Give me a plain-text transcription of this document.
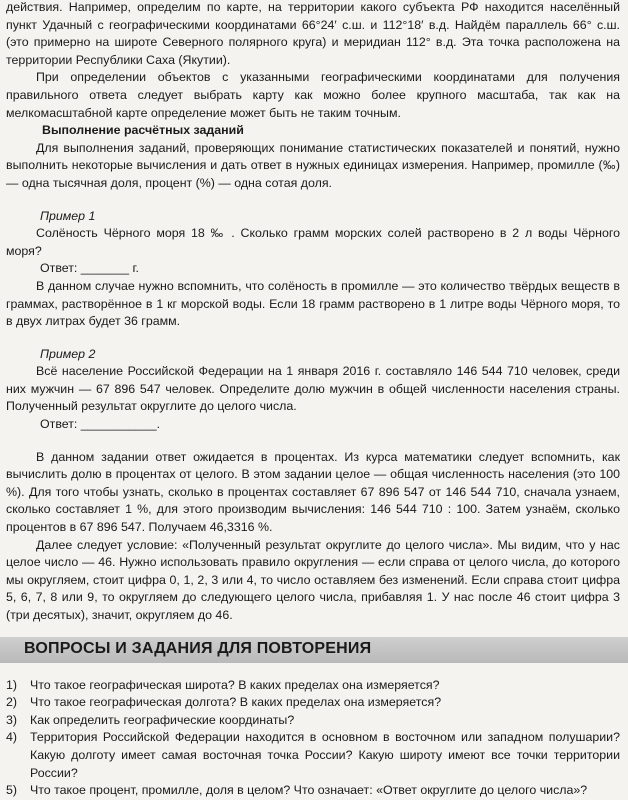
действия. Например, определим по карте, на территории какого субъекта РФ находится населённый пункт Удачный с географическими координатами 66°24′ с.ш. и 112°18′ в.д. Найдём параллель 66° с.ш. (это примерно на широте Северного полярного круга) и меридиан 112° в.д. Эта точка расположена на территории Республики Саха (Якутии).

При определении объектов с указанными географическими координатами для получения правильного ответа следует выбрать карту как можно более крупного масштаба, так как на мелкомасштабной карте определение может быть не таким точным.

Выполнение расчётных заданий

Для выполнения заданий, проверяющих понимание статистических показателей и понятий, нужно выполнить некоторые вычисления и дать ответ в нужных единицах измерения. Например, промилле (‰) — одна тысячная доля, процент (%) — одна сотая доля.

Пример 1

Солёность Чёрного моря 18 ‰ . Сколько грамм морских солей растворено в 2 л воды Чёрного моря?

Ответ: _______ г.

В данном случае нужно вспомнить, что солёность в промилле — это количество твёрдых веществ в граммах, растворённое в 1 кг морской воды. Если 18 грамм растворено в 1 литре воды Чёрного моря, то в двух литрах будет 36 грамм.

Пример 2

Всё население Российской Федерации на 1 января 2016 г. составляло 146 544 710 человек, среди них мужчин — 67 896 547 человек. Определите долю мужчин в общей численности населения страны. Полученный результат округлите до целого числа.

Ответ: ___________.

В данном задании ответ ожидается в процентах. Из курса математики следует вспомнить, как вычислить долю в процентах от целого. В этом задании целое — общая численность населения (это 100 %). Для того чтобы узнать, сколько в процентах составляет 67 896 547 от 146 544 710, сначала узнаем, сколько составляет 1 %, для этого производим вычисления: 146 544 710 : 100. Затем узнаём, сколько процентов в 67 896 547. Получаем 46,3316 %.

Далее следует условие: «Полученный результат округлите до целого числа». Мы видим, что у нас целое число — 46. Нужно использовать правило округления — если справа от целого числа, до которого мы округляем, стоит цифра 0, 1, 2, 3 или 4, то число оставляем без изменений. Если справа стоит цифра 5, 6, 7, 8 или 9, то округляем до следующего целого числа, прибавляя 1. У нас после 46 стоит цифра 3 (три десятых), значит, округляем до 46.

ВОПРОСЫ И ЗАДАНИЯ ДЛЯ ПОВТОРЕНИЯ

1) Что такое географическая широта? В каких пределах она измеряется?

2) Что такое географическая долгота? В каких пределах она измеряется?

3) Как определить географические координаты?

4) Территория Российской Федерации находится в основном в восточном или западном полушарии? Какую долготу имеет самая восточная точка России? Какую широту имеют все точки территории России?

5) Что такое процент, промилле, доля в целом? Что означает: «Ответ округлите до целого числа»?
